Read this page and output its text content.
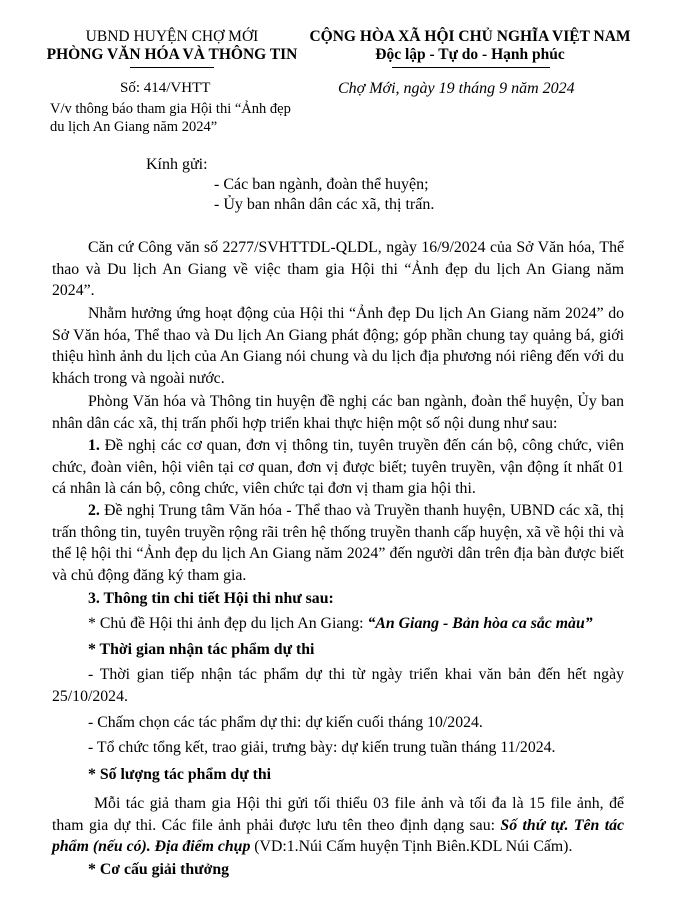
UBND HUYỆN CHỢ MỚI
PHÒNG VĂN HÓA VÀ THÔNG TIN
CỘNG HÒA XÃ HỘI CHỦ NGHĨA VIỆT NAM
Độc lập - Tự do - Hạnh phúc
Số: 414/VHTT
V/v thông báo tham gia Hội thi “Ảnh đẹp
du lịch An Giang năm 2024”
Chợ Mới, ngày 19 tháng 9 năm 2024
Kính gửi:
- Các ban ngành, đoàn thể huyện;
- Ủy ban nhân dân các xã, thị trấn.
Căn cứ Công văn số 2277/SVHTTDL-QLDL, ngày 16/9/2024 của Sở Văn hóa, Thể thao và Du lịch An Giang về việc tham gia Hội thi “Ảnh đẹp du lịch An Giang năm 2024”.
Nhằm hưởng ứng hoạt động của Hội thi “Ảnh đẹp Du lịch An Giang năm 2024” do Sở Văn hóa, Thể thao và Du lịch An Giang phát động; góp phần chung tay quảng bá, giới thiệu hình ảnh du lịch của An Giang nói chung và du lịch địa phương nói riêng đến với du khách trong và ngoài nước.
Phòng Văn hóa và Thông tin huyện đề nghị các ban ngành, đoàn thể huyện, Ủy ban nhân dân các xã, thị trấn phối hợp triển khai thực hiện một số nội dung như sau:
1. Đề nghị các cơ quan, đơn vị thông tin, tuyên truyền đến cán bộ, công chức, viên chức, đoàn viên, hội viên tại cơ quan, đơn vị được biết; tuyên truyền, vận động ít nhất 01 cá nhân là cán bộ, công chức, viên chức tại đơn vị tham gia hội thi.
2. Đề nghị Trung tâm Văn hóa - Thể thao và Truyền thanh huyện, UBND các xã, thị trấn thông tin, tuyên truyền rộng rãi trên hệ thống truyền thanh cấp huyện, xã về hội thi và thể lệ hội thi “Ảnh đẹp du lịch An Giang năm 2024” đến người dân trên địa bàn được biết và chủ động đăng ký tham gia.
3. Thông tin chi tiết Hội thi như sau:
* Chủ đề Hội thi ảnh đẹp du lịch An Giang: “An Giang - Bản hòa ca sắc màu”
* Thời gian nhận tác phẩm dự thi
- Thời gian tiếp nhận tác phẩm dự thi từ ngày triển khai văn bản đến hết ngày 25/10/2024.
- Chấm chọn các tác phẩm dự thi: dự kiến cuối tháng 10/2024.
- Tổ chức tổng kết, trao giải, trưng bày: dự kiến trung tuần tháng 11/2024.
* Số lượng tác phẩm dự thi
Mỗi tác giả tham gia Hội thi gửi tối thiểu 03 file ảnh và tối đa là 15 file ảnh, để tham gia dự thi. Các file ảnh phải được lưu tên theo định dạng sau: Số thứ tự. Tên tác phẩm (nếu có). Địa điểm chụp (VD:1.Núi Cấm huyện Tịnh Biên.KDL Núi Cấm).
* Cơ cấu giải thưởng
